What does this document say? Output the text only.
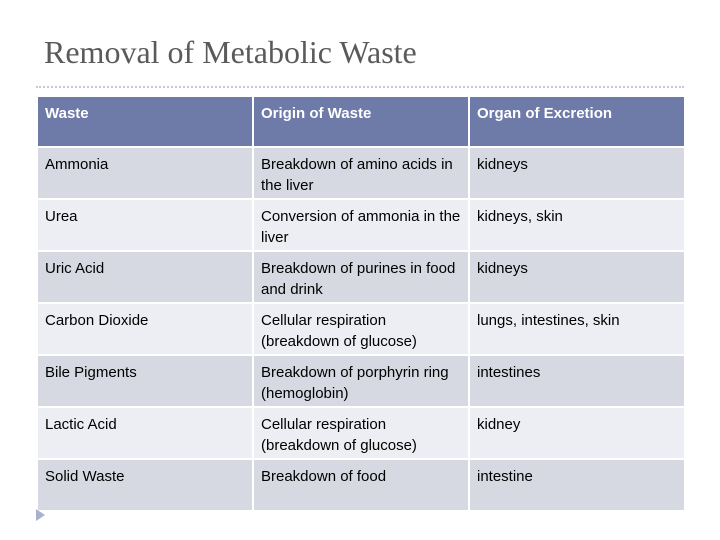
Removal of Metabolic Waste
Waste	Origin of Waste	Organ of Excretion
Ammonia	Breakdown of amino acids in the liver	kidneys
Urea	Conversion of ammonia in the liver	kidneys, skin
Uric Acid	Breakdown of purines in food and drink	kidneys
Carbon Dioxide	Cellular respiration (breakdown of glucose)	lungs, intestines, skin
Bile Pigments	Breakdown of porphyrin ring (hemoglobin)	intestines
Lactic Acid	Cellular respiration (breakdown of glucose)	kidney
Solid Waste	Breakdown of food	intestine
